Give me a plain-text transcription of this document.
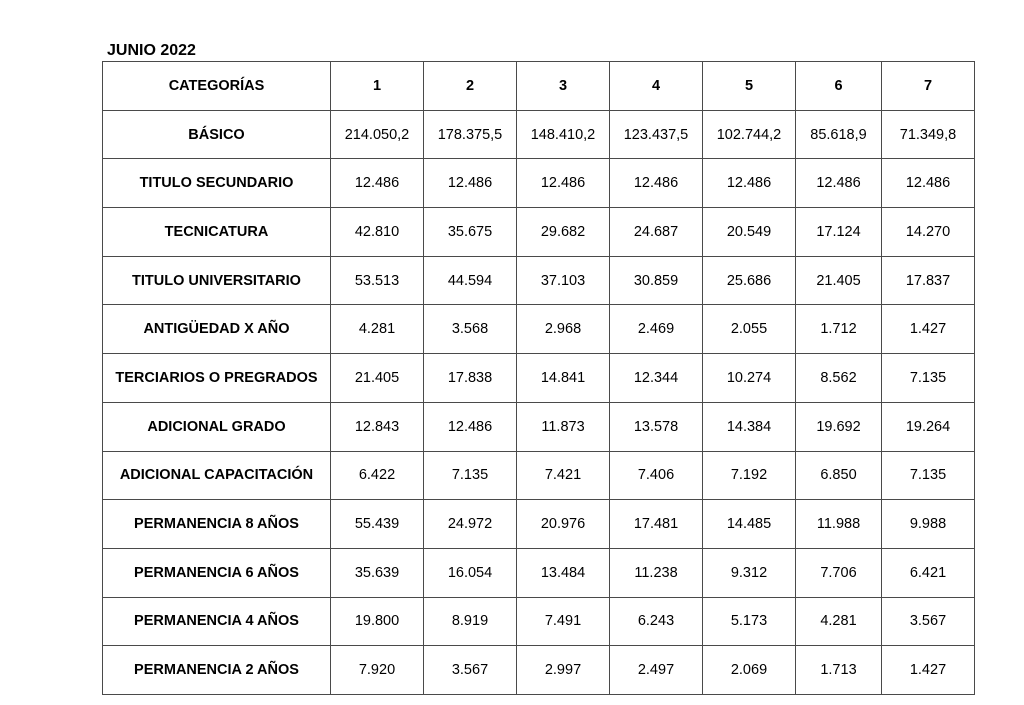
JUNIO 2022
CATEGORÍAS	1	2	3	4	5	6	7
BÁSICO	214.050,2	178.375,5	148.410,2	123.437,5	102.744,2	85.618,9	71.349,8
TITULO SECUNDARIO	12.486	12.486	12.486	12.486	12.486	12.486	12.486
TECNICATURA	42.810	35.675	29.682	24.687	20.549	17.124	14.270
TITULO UNIVERSITARIO	53.513	44.594	37.103	30.859	25.686	21.405	17.837
ANTIGÜEDAD X AÑO	4.281	3.568	2.968	2.469	2.055	1.712	1.427
TERCIARIOS O PREGRADOS	21.405	17.838	14.841	12.344	10.274	8.562	7.135
ADICIONAL GRADO	12.843	12.486	11.873	13.578	14.384	19.692	19.264
ADICIONAL CAPACITACIÓN	6.422	7.135	7.421	7.406	7.192	6.850	7.135
PERMANENCIA 8 AÑOS	55.439	24.972	20.976	17.481	14.485	11.988	9.988
PERMANENCIA 6 AÑOS	35.639	16.054	13.484	11.238	9.312	7.706	6.421
PERMANENCIA 4 AÑOS	19.800	8.919	7.491	6.243	5.173	4.281	3.567
PERMANENCIA 2 AÑOS	7.920	3.567	2.997	2.497	2.069	1.713	1.427
